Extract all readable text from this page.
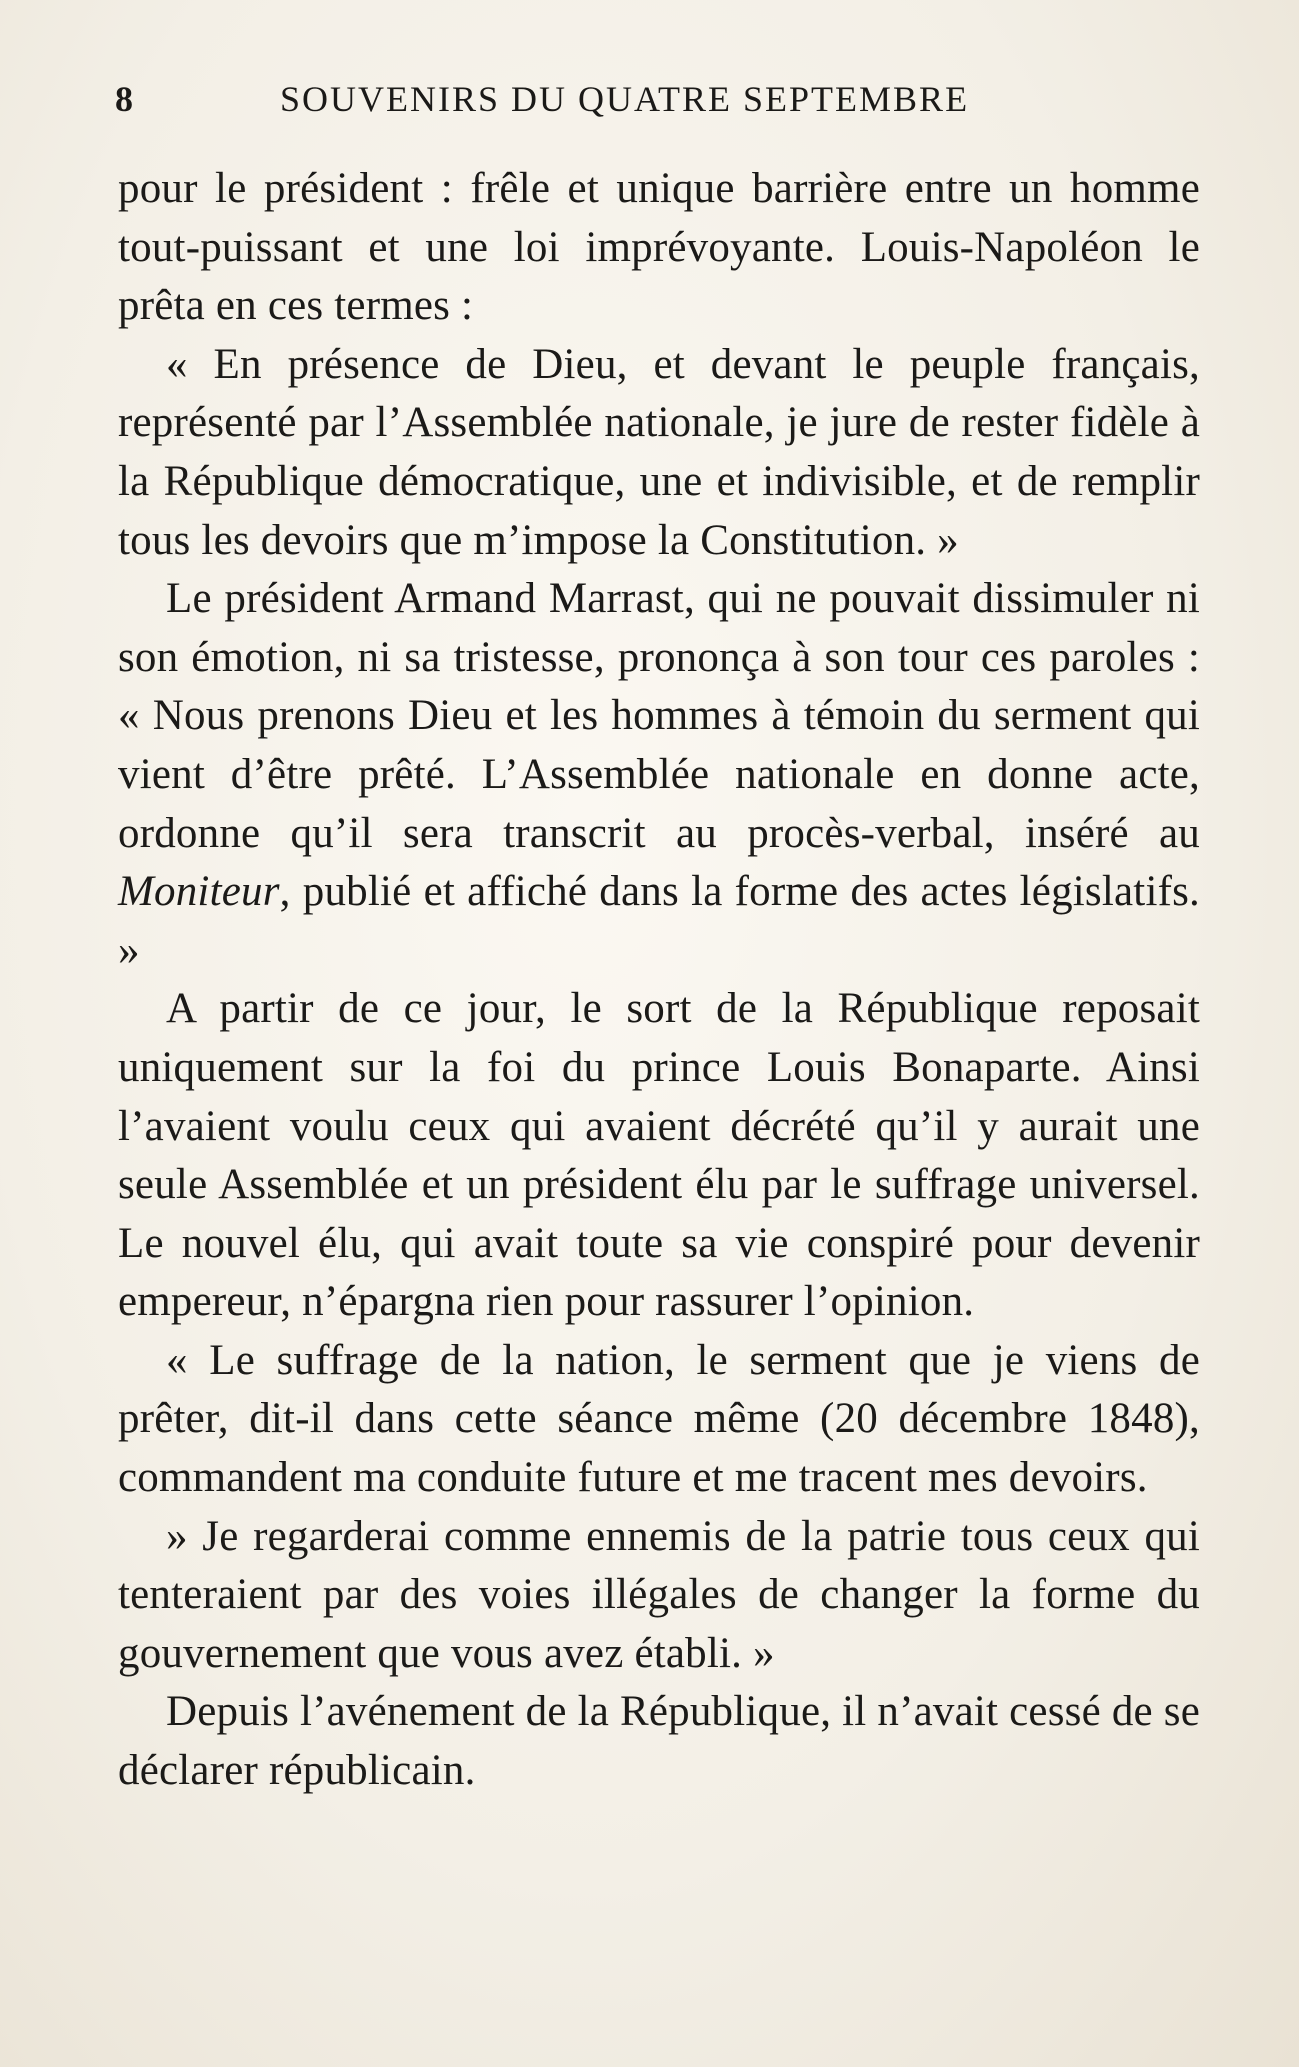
8	SOUVENIRS DU QUATRE SEPTEMBRE

pour le président : frêle et unique barrière entre un homme tout-puissant et une loi imprévoyante. Louis-Napoléon le prêta en ces termes :

« En présence de Dieu, et devant le peuple français, représenté par l’Assemblée nationale, je jure de rester fidèle à la République démocratique, une et indivisible, et de remplir tous les devoirs que m’impose la Constitution. »

Le président Armand Marrast, qui ne pouvait dissimuler ni son émotion, ni sa tristesse, prononça à son tour ces paroles : « Nous prenons Dieu et les hommes à témoin du serment qui vient d’être prêté. L’Assemblée nationale en donne acte, ordonne qu’il sera transcrit au procès-verbal, inséré au Moniteur, publié et affiché dans la forme des actes législatifs. »

A partir de ce jour, le sort de la République reposait uniquement sur la foi du prince Louis Bonaparte. Ainsi l’avaient voulu ceux qui avaient décrété qu’il y aurait une seule Assemblée et un président élu par le suffrage universel. Le nouvel élu, qui avait toute sa vie conspiré pour devenir empereur, n’épargna rien pour rassurer l’opinion.

« Le suffrage de la nation, le serment que je viens de prêter, dit-il dans cette séance même (20 décembre 1848), commandent ma conduite future et me tracent mes devoirs.

» Je regarderai comme ennemis de la patrie tous ceux qui tenteraient par des voies illégales de changer la forme du gouvernement que vous avez établi. »

Depuis l’avénement de la République, il n’avait cessé de se déclarer républicain.
